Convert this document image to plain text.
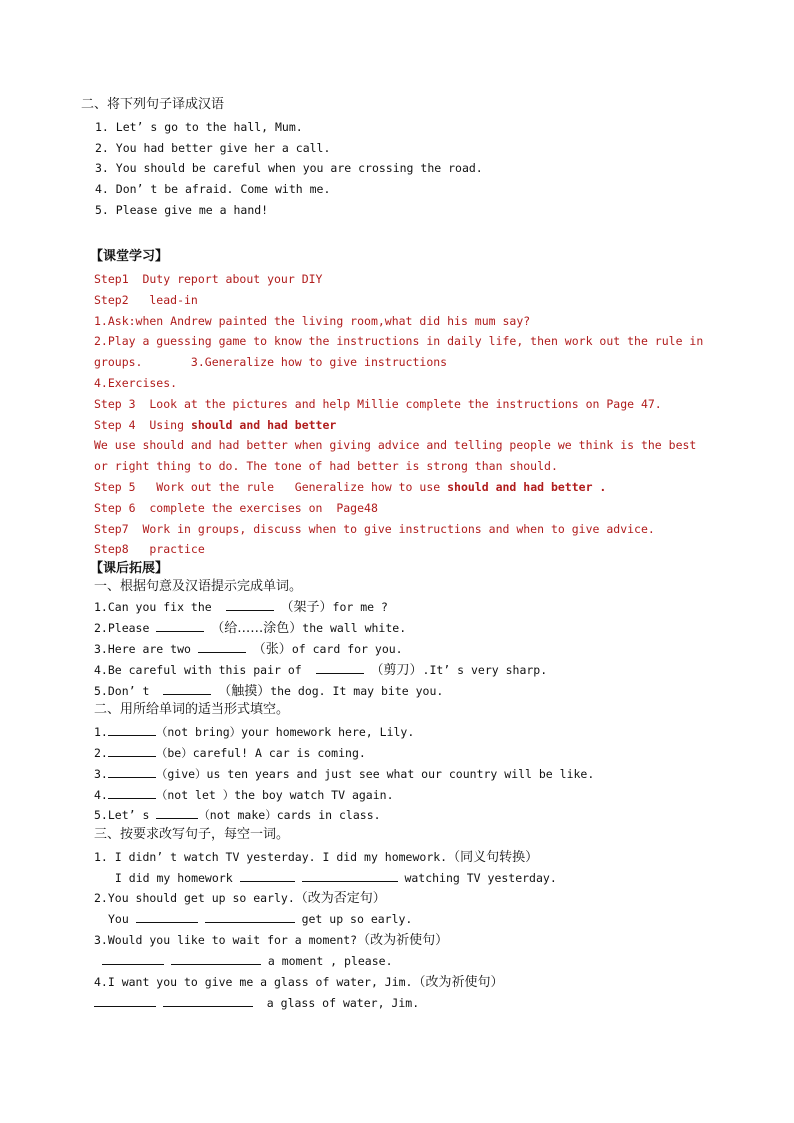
二、将下列句子译成汉语
1. Let’ s go to the hall, Mum.
2. You had better give her a call.
3. You should be careful when you are crossing the road.
4. Don’ t be afraid. Come with me.
5. Please give me a hand!
【课堂学习】
Step1  Duty report about your DIY
Step2   lead-in
1.Ask:when Andrew painted the living room,what did his mum say?
2.Play a guessing game to know the instructions in daily life, then work out the rule in
groups.       3.Generalize how to give instructions
4.Exercises.
Step 3  Look at the pictures and help Millie complete the instructions on Page 47.
Step 4  Using should and had better
We use should and had better when giving advice and telling people we think is the best
or right thing to do. The tone of had better is strong than should.
Step 5   Work out the rule   Generalize how to use should and had better .
Step 6  complete the exercises on  Page48
Step7  Work in groups, discuss when to give instructions and when to give advice.
Step8   practice
【课后拓展】
一、根据句意及汉语提示完成单词。
1.Can you fix the	（架子）for me ?
2.Please	（给……涂色）the wall white.
3.Here are two	（张）of card for you.
4.Be careful with this pair of	（剪刀）.It’ s very sharp.
5.Don’ t	（触摸）the dog. It may bite you.
二、用所给单词的适当形式填空。
1.	（not bring）your homework here, Lily.
2.	（be）careful! A car is coming.
3.	（give）us ten years and just see what our country will be like.
4.	（not let ）the boy watch TV again.
5.Let’ s	（not make）cards in class.
三、按要求改写句子，每空一词。
1. I didn’ t watch TV yesterday. I did my homework.（同义句转换）
I did my homework	watching TV yesterday.
2.You should get up so early.（改为否定句）
You	get up so early.
3.Would you like to wait for a moment?（改为祈使句）
a moment , please.
4.I want you to give me a glass of water, Jim.（改为祈使句）
a glass of water, Jim.
